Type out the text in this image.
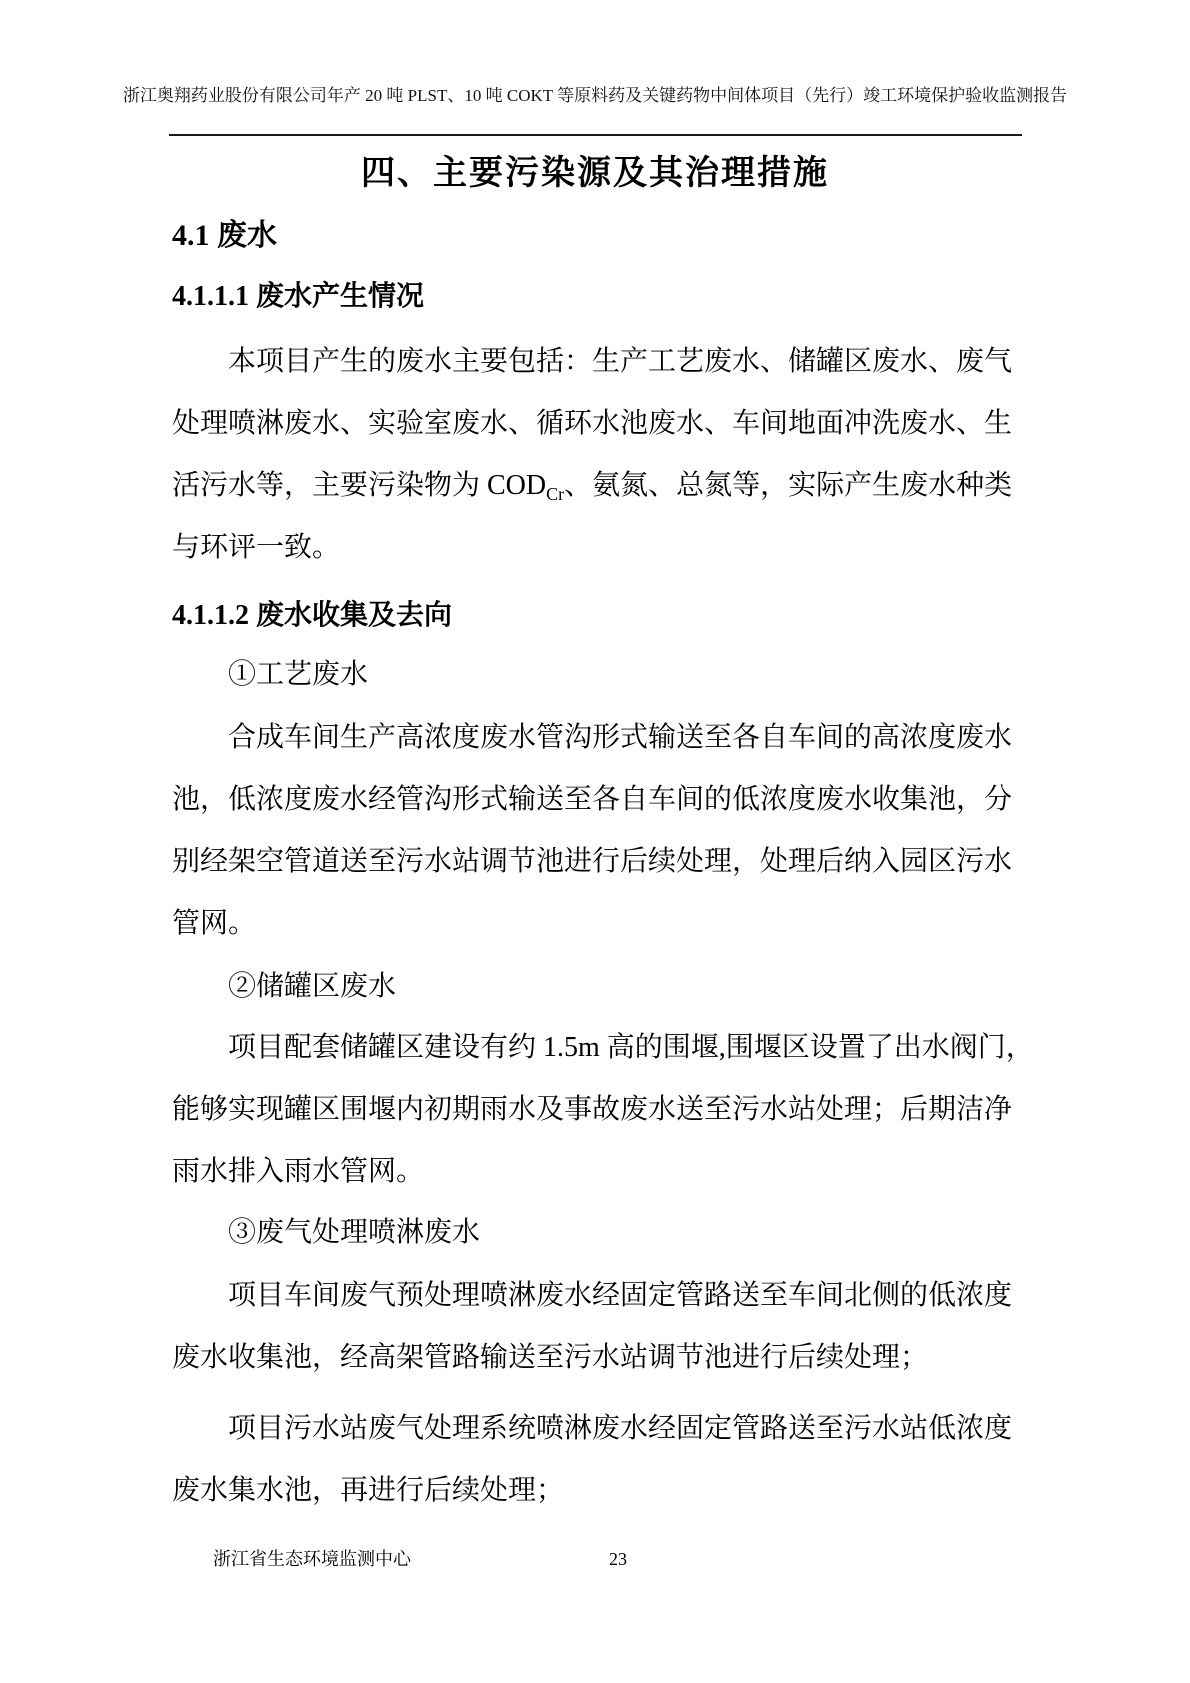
浙江奥翔药业股份有限公司年产 20 吨 PLST、10 吨 COKT 等原料药及关键药物中间体项目（先行）竣工环境保护验收监测报告
四、主要污染源及其治理措施
4.1 废水
4.1.1.1 废水产生情况
本项目产生的废水主要包括：生产工艺废水、储罐区废水、废气
处理喷淋废水、实验室废水、循环水池废水、车间地面冲洗废水、生
活污水等，主要污染物为 $COD_{Cr}$、氨氮、总氮等，实际产生废水种类
与环评一致。
4.1.1.2 废水收集及去向
①工艺废水
合成车间生产高浓度废水管沟形式输送至各自车间的高浓度废水
池，低浓度废水经管沟形式输送至各自车间的低浓度废水收集池，分
别经架空管道送至污水站调节池进行后续处理，处理后纳入园区污水
管网。
②储罐区废水
项目配套储罐区建设有约 1.5m 高的围堰,围堰区设置了出水阀门，
能够实现罐区围堰内初期雨水及事故废水送至污水站处理；后期洁净
雨水排入雨水管网。
③废气处理喷淋废水
项目车间废气预处理喷淋废水经固定管路送至车间北侧的低浓度
废水收集池，经高架管路输送至污水站调节池进行后续处理；
项目污水站废气处理系统喷淋废水经固定管路送至污水站低浓度
废水集水池，再进行后续处理；
浙江省生态环境监测中心	23
